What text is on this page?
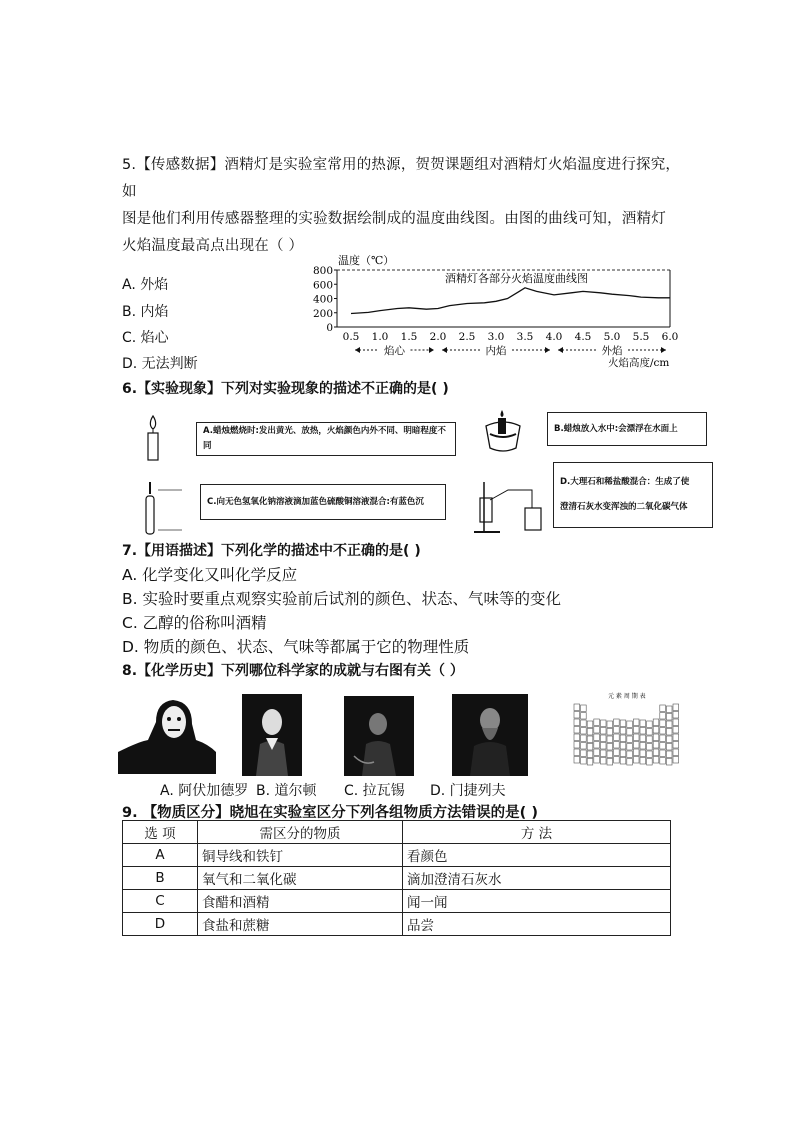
5.【传感数据】酒精灯是实验室常用的热源，贺贺课题组对酒精灯火焰温度进行探究，如
图是他们利用传感器整理的实验数据绘制成的温度曲线图。由图的曲线可知，酒精灯
火焰温度最高点出现在（ ）
A. 外焰
B. 内焰
C. 焰心
D. 无法判断
温度（℃）
酒精灯各部分火焰温度曲线图
800
600
400
200
0
0.5 1.0 1.5 2.0 2.5 3.0 3.5 4.0 4.5 5.0 5.5 6.0
焰心	内焰	外焰
火焰高度/cm
6.【实验现象】下列对实验现象的描述不正确的是( )
A.蜡烛燃烧时:发出黄光、放热，火焰颜色内外不同、明暗程度不同
B.蜡烛放入水中:会漂浮在水面上
C.向无色氢氧化钠溶液滴加蓝色硫酸铜溶液混合:有蓝色沉
D.大理石和稀盐酸混合：生成了使
澄清石灰水变浑浊的二氧化碳气体
7.【用语描述】下列化学的描述中不正确的是( )
A. 化学变化又叫化学反应
B. 实验时要重点观察实验前后试剂的颜色、状态、气味等的变化
C. 乙醇的俗称叫酒精
D. 物质的颜色、状态、气味等都属于它的物理性质
8.【化学历史】下列哪位科学家的成就与右图有关（ ）
元 素 周 期 表
A. 阿伏加德罗 B. 道尔顿 C. 拉瓦锡 D. 门捷列夫
9. 【物质区分】晓旭在实验室区分下列各组物质方法错误的是( )
选 项	需区分的物质	方 法
A	铜导线和铁钉	看颜色
B	氧气和二氧化碳	滴加澄清石灰水
C	食醋和酒精	闻一闻
D	食盐和蔗糖	品尝
